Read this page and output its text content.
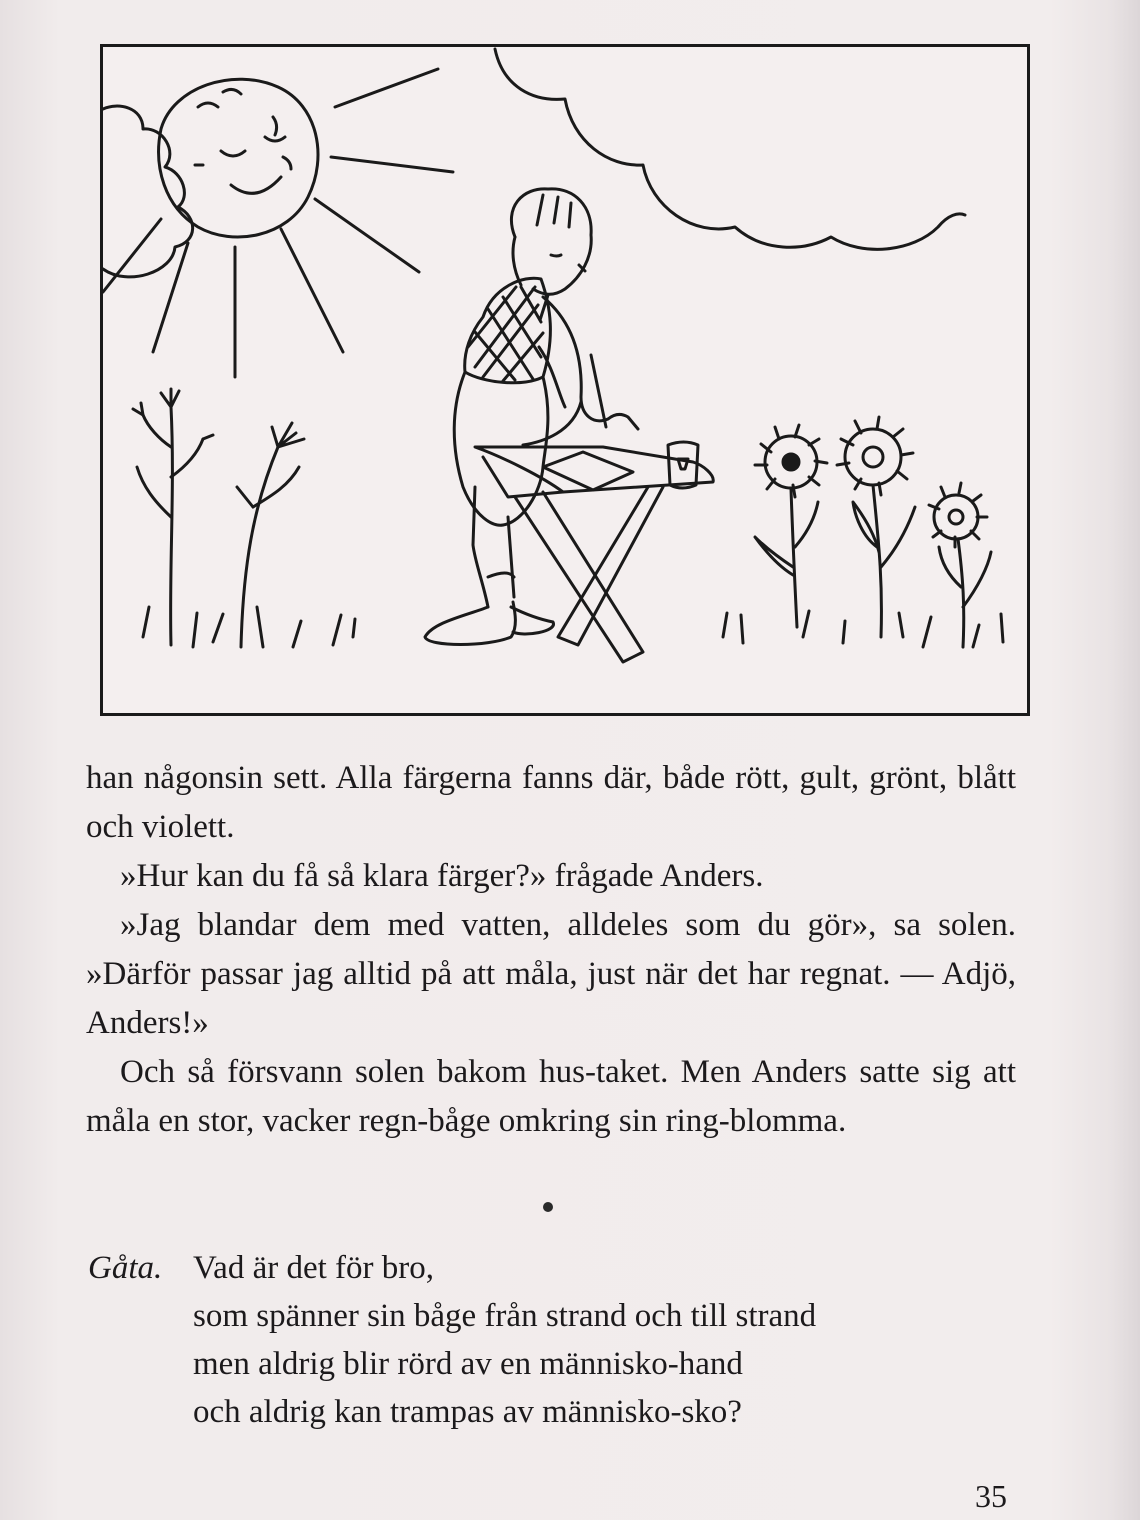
han någonsin sett. Alla färgerna fanns där, både rött, gult, grönt, blått och violett.

»Hur kan du få så klara färger?» frågade Anders.

»Jag blandar dem med vatten, alldeles som du gör», sa solen. »Därför passar jag alltid på att måla, just när det har regnat. — Adjö, Anders!»

Och så försvann solen bakom hus-taket. Men Anders satte sig att måla en stor, vacker regn-båge omkring sin ring-blomma.

Gåta. Vad är det för bro,
som spänner sin båge från strand och till strand
men aldrig blir rörd av en människo-hand
och aldrig kan trampas av människo-sko?
35
